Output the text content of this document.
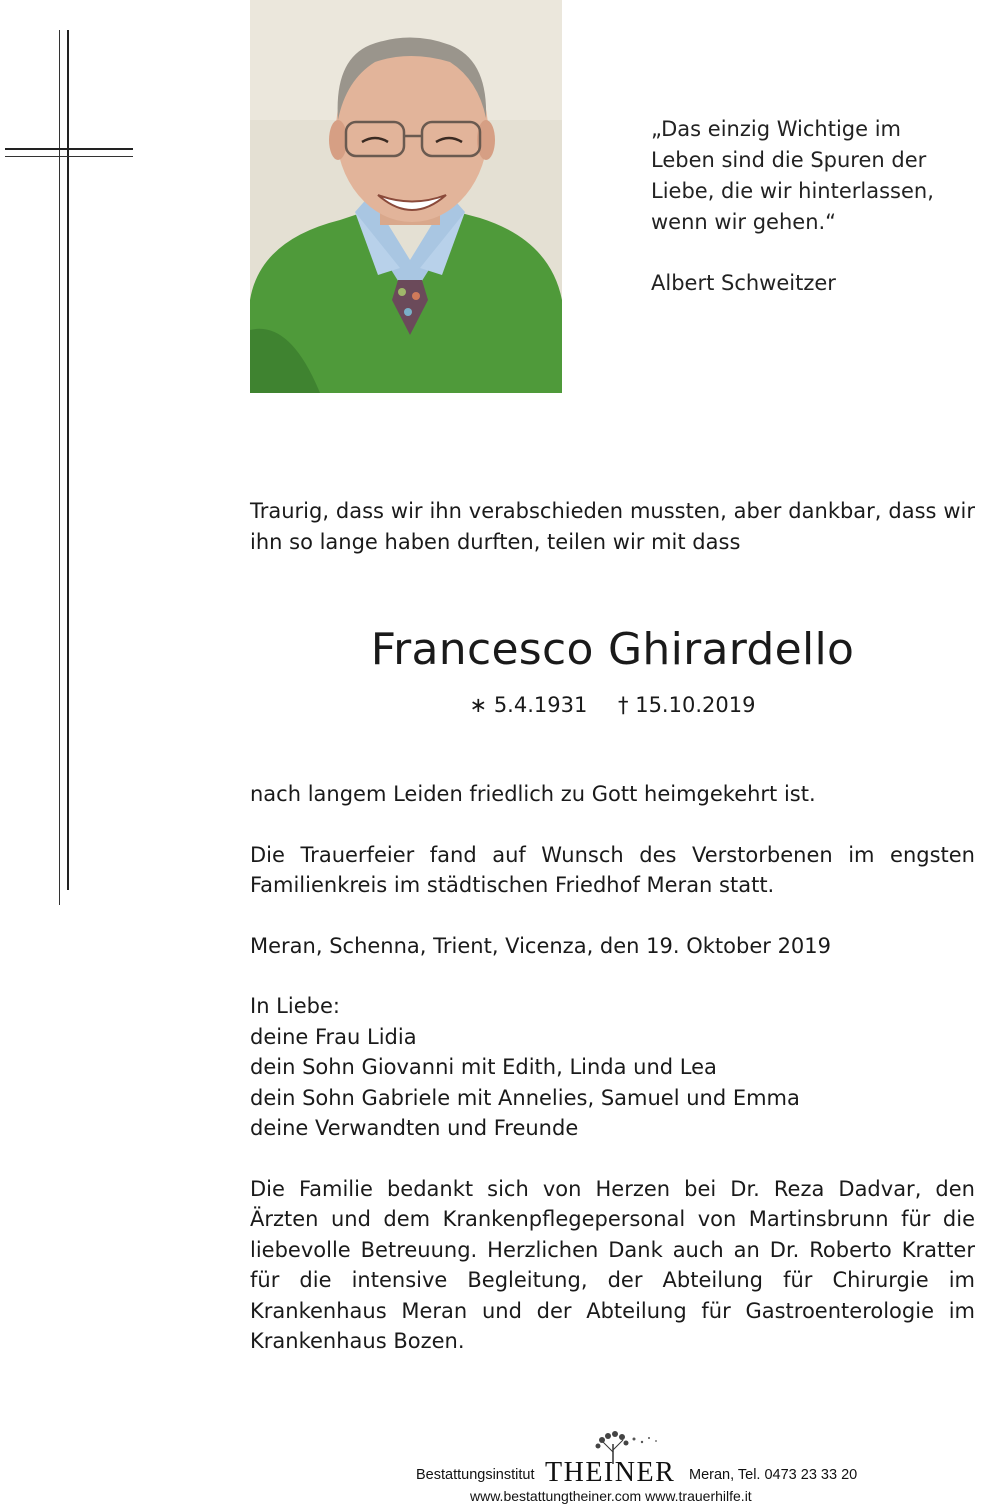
„Das einzig Wichtige im

Leben sind die Spuren der

Liebe, die wir hinterlassen,

wenn wir gehen.“

Albert Schweitzer

Traurig, dass wir ihn verabschieden mussten, aber dankbar, dass wir ihn so lange haben durften, teilen wir mit dass

Francesco Ghirardello
∗ 5.4.1931 † 15.10.2019

nach langem Leiden friedlich zu Gott heimgekehrt ist.

Die Trauerfeier fand auf Wunsch des Verstorbenen im engsten Familienkreis im städtischen Friedhof Meran statt.

Meran, Schenna, Trient, Vicenza, den 19. Oktober 2019

In Liebe:

deine Frau Lidia

dein Sohn Giovanni mit Edith, Linda und Lea

dein Sohn Gabriele mit Annelies, Samuel und Emma

deine Verwandten und Freunde

Die Familie bedankt sich von Herzen bei Dr. Reza Dadvar, den Ärzten und dem Krankenpflegepersonal von Martinsbrunn für die liebevolle Betreuung. Herzlichen Dank auch an Dr. Roberto Kratter für die intensive Begleitung, der Abteilung für Chirurgie im Krankenhaus Meran und der Abteilung für Gastroenterologie im Krankenhaus Bozen.

Bestattungsinstitut THEINER Meran, Tel. 0473 23 33 20
www.bestattungtheiner.com www.trauerhilfe.it
